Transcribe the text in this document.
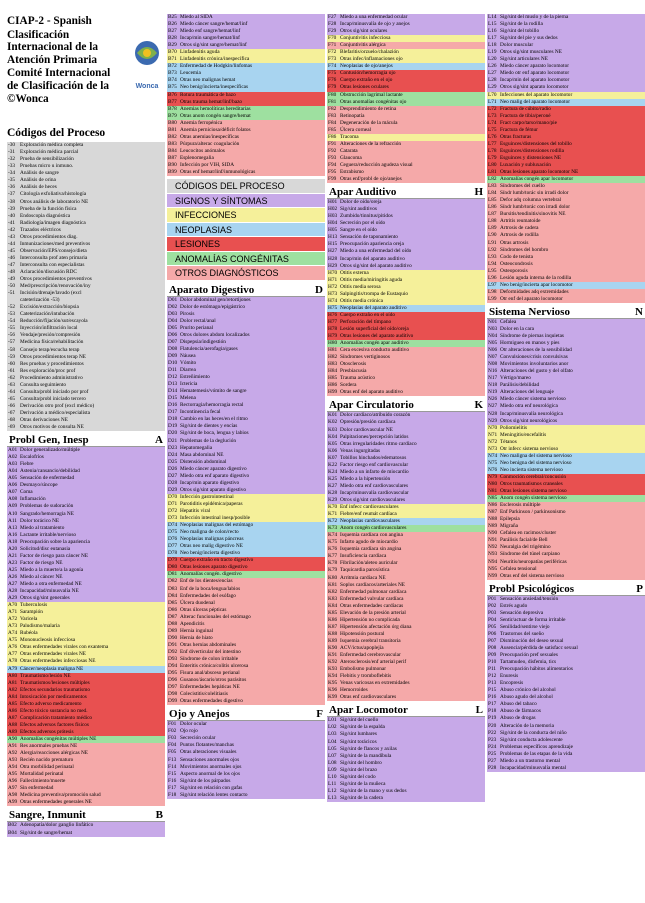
CIAP-2 - Spanish
Clasificación Internacional de la Atención Primaria
Comité Internacional de Clasificación de la ©Wonca
Wonca
Códigos del Proceso
-30 Exploración médica completa
-31 Exploración médica parcial
-32 Prueba de sensibilización
-33 Pruebas micro u inmuno.
-34 Análisis de sangre
-35 Análisis de orina
-36 Análisis de heces
-37 Citología exfoliativa/histología
-38 Otros análisis de laboratorio NE
-39 Prueba de la función física
-40 Endoscopia diagnóstica
-41 Radiología/imagen diagnóstica
-42 Trazados eléctricos
-43 Otros procedimientos diag.
-44 Inmunizaciones/med preventivos
-45 Observación/EPS/consejo/dieta
-46 Interconsulta prof aten primaria
-47 Interconsulta con especialistas
-48 Aclaración/discusión RDC
-49 Otros procedimientos preventivos
-50 Med/prescripción/renovación/iny
-51 Incisión/drenaje/lavado (excl
cateterización -53)
-52 Excisión/extracción/biopsia
-53 Cateterización/intubación
-54 Reducción/fijación/sut/escayola
-55 Inyección/infiltración local
-56 Vendaje/presión/compresión
-57 Medicina física/rehabilitación
-58 Consejo terap/escucha terap
-59 Otros procedimientos terap NE
-60 Res pruebas y procedimientos
-61 Res exploración/proc prof
-62 Procedimiento administrativo
-63 Consulta seguimiento
-64 Consulta/probl iniciado por prof
-65 Consulta/probl iniciado tercero
-66 Derivación otro prof (excl médico)
-67 Derivación a médico/especialista
-68 Otras derivaciones NE
-69 Otros motivos de consulta NE
Probl Gen, Inesp	A
A01 Dolor generalizado/múltiple
A02 Escalofríos
A03 Fiebre
A04 Astenia/cansancio/debilidad
A05 Sensación de enfermedad
A06 Desmayo/síncope
A07 Coma
A08 Inflamación
A09 Problemas de sudoración
A10 Sangrado/hemorragia NE
A11 Dolor torácico NE
A13 Miedo al tratamiento
A16 Lactante irritable/nervioso
A18 Preocupación sobre la apariencia
A20 Solicitud/disc eutanasia
A21 Factor de riesgo para cáncer NE
A23 Factor de riesgo NE
A25 Miedo a la muerte/a la agonía
A26 Miedo al cáncer NE
A27 Miedo a otra enfermedad NE
A28 Incapacidad/minusvalía NE
A29 Otros sig/sint generales
A70 Tuberculosis
A71 Sarampión
A72 Varicela
A73 Paludismo/malaria
A74 Rubéola
A75 Mononucleosis infecciosa
A76 Otras enfermedades virales con exantema
A77 Otras enfermedades virales NE
A78 Otras enfermedades infecciosas NE
A79 Cáncer/neoplasia maligna NE
A80 Traumatismo/lesión NE
A81 Traumatismos/lesiones múltiples
A82 Efectos secundarios traumatismo
A84 Intoxicación por medicamentos
A85 Efecto adverso medicamento
A86 Efecto tóxico sustancia no med.
A87 Complicación tratamiento médico
A88 Efectos adversos factores físicos
A89 Efectos adversos prótesis
A90 Anomalías congénitas múltiples NE
A91 Res anormales pruebas NE
A92 Alergia/reacciones alérgicas NE
A93 Recién nacido prematuro
A94 Otra morbilidad perinatal
A95 Mortalidad perinatal
A96 Fallecimiento/muerte
A97 Sin enfermedad
A98 Medicina preventiva/promoción salud
A99 Otras enfermedades generales NE
Sangre, Inmunit	B
B02 Adenopatía/dolor ganglio linfático
B04 Sig/sint de sangre/hemat
B25 Miedo al SIDA
B26 Miedo cáncer sangre/hemat/linf
B27 Miedo enf sangre/hemat/linf
B28 Incap/min sangre/hemat/linf
B29 Otros sig/sint sangre/hemat/linf
B70 Linfadenitis aguda
B71 Linfadenitis crónica/inespecífica
B72 Enfermedad de Hodgkin/linfomas
B73 Leucemia
B74 Otras neo malignas hemat
B75 Neo benig/incierta/inespecíficas
B76 Rotura traumática de bazo
B77 Otras trauma hemat/linf/bazo
B78 Anemias hemolíticas hereditarias
B79 Otras anom congén sangre/hemat
B80 Anemia ferropénica
B81 Anemia perniciosa/déficit folatos
B82 Otras anemias/inespecíficas
B83 Púrpura/alterac coagulación
B84 Leucocitos anómalos
B87 Esplenomegalia
B90 Infección por VIH, SIDA
B99 Otras enf hemat/linf/inmunológicas
CÓDIGOS DEL PROCESO
SIGNOS Y SÍNTOMAS
INFECCIONES
NEOPLASIAS
LESIONES
ANOMALÍAS CONGÉNITAS
OTROS DIAGNÓSTICOS
Aparato Digestivo	D
D01 Dolor abdominal gen/retortijones
D02 Dolor de estómago/epigástrico
D03 Pirosis
D04 Dolor rectal/anal
D05 Prurito perianal
D06 Otros dolores abdom localizados
D07 Dispepsia/indigestión
D08 Flatulencia/aerofagia/gases
D09 Náusea
D10 Vómito
D11 Diarrea
D12 Estreñimiento
D13 Ictericia
D14 Hematemesis/vómito de sangre
D15 Melena
D16 Rectorragia/hemorragia rectal
D17 Incontinencia fecal
D18 Cambio en las heces/en el ritmo
D19 Sig/sint de dientes y encías
D20 Sig/sint de boca, lengua y labios
D21 Problemas de la deglución
D23 Hepatomegalia
D24 Masa abdominal NE
D25 Distensión abdominal
D26 Miedo cáncer aparato digestivo
D27 Miedo otra enf aparato digestivo
D28 Incap/min aparato digestivo
D29 Otros sig/sint aparato digestivo
D70 Infección gastrointestinal
D71 Parotiditis epidémica/paperas
D72 Hepatitis viral
D73 Infección intestinal inesp/posible
D74 Neoplasias malignas del estómago
D75 Neo maligna de colon/recto
D76 Neoplasias malignas páncreas
D77 Otras neo malig digestivo NE
D78 Neo benig/incierta digestivo
D79 Cuerpo extraño en tracto digestivo
D80 Otras lesiones aparato digestivo
D81 Anomalías congén. digestivo
D82 Enf de los dientes/encías
D83 Enf de la boca/lengua/labios
D84 Enfermedades del esófago
D85 Úlcera duodenal
D86 Otras úlceras pépticas
D87 Alterac funcionales del estómago
D88 Apendicitis
D89 Hernia inguinal
D90 Hernia de hiato
D91 Otras hernias abdominales
D92 Enf diverticular del intestino
D93 Síndrome de colon irritable
D94 Enteritis crónica/colitis ulcerosa
D95 Fisura anal/absceso perianal
D96 Gusanos/áscaris/otros parásitos
D97 Enfermedades hepáticas NE
D98 Colecistitis/colelitiasis
D99 Otras enfermedades digestivo
Ojo y Anejos	F
F01 Dolor ocular
F02 Ojo rojo
F03 Secreción ocular
F04 Puntos flotantes/manchas
F05 Otras alteraciones visuales
F13 Sensaciones anormales ojos
F14 Movimientos anormales ojos
F15 Aspecto anormal de los ojos
F16 Sig/sint de los párpados
F17 Sig/sint en relación con gafas
F18 Sig/sint relación lentes contacto
F27 Miedo a una enfermedad ocular
F28 Incap/minusvalía de ojo y anejos
F29 Otros sig/sint oculares
F70 Conjuntivitis infecciosa
F71 Conjuntivitis alérgica
F72 Blefaritis/orzuelo/chalazión
F73 Otras infec/inflamaciones ojo
F74 Neoplasias de ojo/anejos
F75 Contusión/hemorragia ojo
F76 Cuerpo extraño en el ojo
F79 Otras lesiones oculares
F80 Obstrucción lagrimal lactante
F81 Otras anomalías congénitas ojo
F82 Desprendimiento de retina
F83 Retinopatía
F84 Degeneración de la mácula
F85 Úlcera corneal
F86 Tracoma
F91 Alteraciones de la refracción
F92 Catarata
F93 Glaucoma
F94 Ceguera/reducción agudeza visual
F95 Estrabismo
F99 Otras enf/probl de ojo/anejos
Apar Auditivo	H
H01 Dolor de oído/oreja
H02 Sig/sint auditivos
H03 Zumbido/tinnitus/pitidos
H04 Secreción por el oído
H05 Sangre en el oído
H13 Sensación de taponamiento
H15 Preocupación apariencia oreja
H27 Miedo a una enfermedad del oído
H28 Incap/min del aparato auditivo
H29 Otros sig/sint del aparato auditivo
H70 Otitis externa
H71 Otitis media/miringitis aguda
H72 Otitis media serosa
H73 Salpingitis/trompa de Eustaquio
H74 Otitis media crónica
H75 Neoplasias del aparato auditivo
H76 Cuerpo extraño en el oído
H77 Perforación del tímpano
H78 Lesión superficial del oído/oreja
H79 Otras lesiones del aparato auditivo
H80 Anomalías congén apar auditivo
H81 Cera excesiva conducto auditivo
H82 Síndromes vertiginosos
H83 Otosclerosis
H84 Presbiacusia
H85 Trauma acústico
H86 Sordera
H99 Otras enf del aparato auditivo
Apar Circulatorio	K
K01 Dolor cardíaco/atribuido corazón
K02 Opresión/presión cardíaca
K03 Dolor cardiovascular NE
K04 Palpitaciones/percepción latidos
K05 Otras irregularidades ritmo cardíaco
K06 Venas ingurgitadas
K07 Tobillos hinchados/edematosos
K22 Factor riesgo enf cardiovascular
K24 Miedo a un infarto de miocardio
K25 Miedo a la hipertensión
K27 Miedo otra enf cardiovasculares
K28 Incap/minusvalía cardiovascular
K29 Otros sig/sint cardiovasculares
K70 Enf infecc cardiovasculares
K71 Fiebre/enf reumát cardíaca
K72 Neoplasias cardiovasculares
K73 Anom congén cardiovasculares
K74 Isquemia cardíaca con angina
K75 Infarto agudo de miocardio
K76 Isquemia cardíaca sin angina
K77 Insuficiencia cardíaca
K78 Fibrilación/aleteo auricular
K79 Taquicardia paroxística
K80 Arritmia cardíaca NE
K81 Soplos cardíacos/arteriales NE
K82 Enfermedad pulmonar cardíaca
K83 Enfermedad valvular cardíaca
K84 Otras enfermedades cardíacas
K85 Elevación de la presión arterial
K86 Hipertensión no complicada
K87 Hipertensión afectación órg diana
K88 Hipotensión postural
K89 Isquemia cerebral transitoria
K90 ACV/ictus/apoplejía
K91 Enfermedad cerebrovascular
K92 Aterosclerosis/enf arterial perif
K93 Embolismo pulmonar
K94 Flebitis y tromboflebitis
K95 Venas varicosas en extremidades
K96 Hemorroides
K99 Otras enf cardiovasculares
Apar Locomotor	L
L01 Sig/sint del cuello
L02 Sig/sint de la espalda
L03 Sig/sint lumbares
L04 Sig/sint torácicos
L05 Sig/sint de flancos y axilas
L07 Sig/sint de la mandíbula
L08 Sig/sint del hombro
L09 Sig/sint del brazo
L10 Sig/sint del codo
L11 Sig/sint de la muñeca
L12 Sig/sint de la mano y sus dedos
L13 Sig/sint de la cadera
L14 Sig/sint del muslo y de la pierna
L15 Sig/sint de la rodilla
L16 Sig/sint del tobillo
L17 Sig/sint del pie y sus dedos
L18 Dolor muscular
L19 Otros sig/sint musculares NE
L20 Sig/sint articulares NE
L26 Miedo cáncer aparato locomotor
L27 Miedo otr enf aparato locomotor
L28 Incap/min del aparato locomotor
L29 Otros sig/sint aparato locomotor
L70 Infecciones del aparato locomotor
L71 Neo malig del aparato locomotor
L72 Fractura de cúbito/radio
L73 Fractura de tibia/peroné
L74 Fract carpo/tarso/mano/pie
L75 Fractura de fémur
L76 Otras fracturas
L77 Esguinces/distensiones del tobillo
L78 Esguinces/distensiones rodilla
L79 Esguinces y distensiones NE
L80 Luxación y subluxación
L81 Otras lesiones aparato locomotor NE
L82 Anomalías congén apar locomotor
L83 Síndromes del cuello
L84 Síndr lumb/torác sin irradi dolor
L85 Defor adq columna vertebral
L86 Síndr lumb/torác con irradi dolor
L87 Bursitis/tendinitis/sinovitis NE
L88 Artritis reumatoide
L89 Artrosis de cadera
L90 Artrosis de rodilla
L91 Otras artrosis
L92 Síndromes del hombro
L93 Codo de tenista
L94 Osteocondrosis
L95 Osteoporosis
L96 Lesión aguda interna de la rodilla
L97 Neo benig/incierta apar locomotor
L98 Deformidades adq extremidades
L99 Otr enf del aparato locomotor
Sistema Nervioso	N
N01 Cefalea
N03 Dolor en la cara
N04 Síndrome de piernas inquietas
N05 Hormigueo en manos y pies
N06 Otr alteraciones de la sensibilidad
N07 Convulsiones/crisis convulsivas
N08 Movimientos involuntarios anor
N16 Alteraciones del gusto y del olfato
N17 Vértigo/mareo
N18 Parálisis/debilidad
N19 Alteraciones del lenguaje
N26 Miedo cáncer sistema nervioso
N27 Miedo otra enf neurológica
N28 Incap/minusvalía neurológica
N29 Otros sig/sint neurológicos
N70 Poliomielitis
N71 Meningitis/encefalitis
N72 Tétanos
N73 Otr infecc sistema nervioso
N74 Neo maligna del sistema nervioso
N75 Neo benigna del sistema nervioso
N76 Neo incierta sistema nervioso
N79 Conmoción cerebral/concusión
N80 Otros traumatismos craneales
N81 Otras lesiones sistema nervioso
N85 Anom congén sistema nervioso
N86 Esclerosis múltiple
N87 Enf Parkinson / parkinsonismo
N88 Epilepsia
N89 Migraña
N90 Cefalea en racimos/cluster
N91 Parálisis facial/de Bell
N92 Neuralgia del trigémino
N93 Síndrome del túnel carpiano
N94 Neuritis/neuropatías periféricas
N95 Cefalea tensional
N99 Otras enf del sistema nervioso
Probl Psicológicos	P
P01 Sensación ansiedad/tensión
P02 Estrés agudo
P03 Sensación depresiva
P04 Sentir/actuar de forma irritable
P05 Senilidad/sentirse viejo
P06 Trastornos del sueño
P07 Disminución del deseo sexual
P08 Ausencia/pérdida de satisfacc sexual
P09 Preocupación pref sexuales
P10 Tartamudeo, disfemia, tics
P11 Preocupación hábitos alimentarios
P12 Enuresis
P13 Encopresis
P15 Abuso crónico del alcohol
P16 Abuso agudo del alcohol
P17 Abuso del tabaco
P18 Abuso de fármacos
P19 Abuso de drogas
P20 Alteración de la memoria
P22 Sig/sint de la conducta del niño
P23 Sig/sint conducta adolescente
P24 Problemas específicos aprendizaje
P25 Problemas de las etapas de la vida
P27 Miedo a un trastorno mental
P28 Incapacidad/minusvalía mental
